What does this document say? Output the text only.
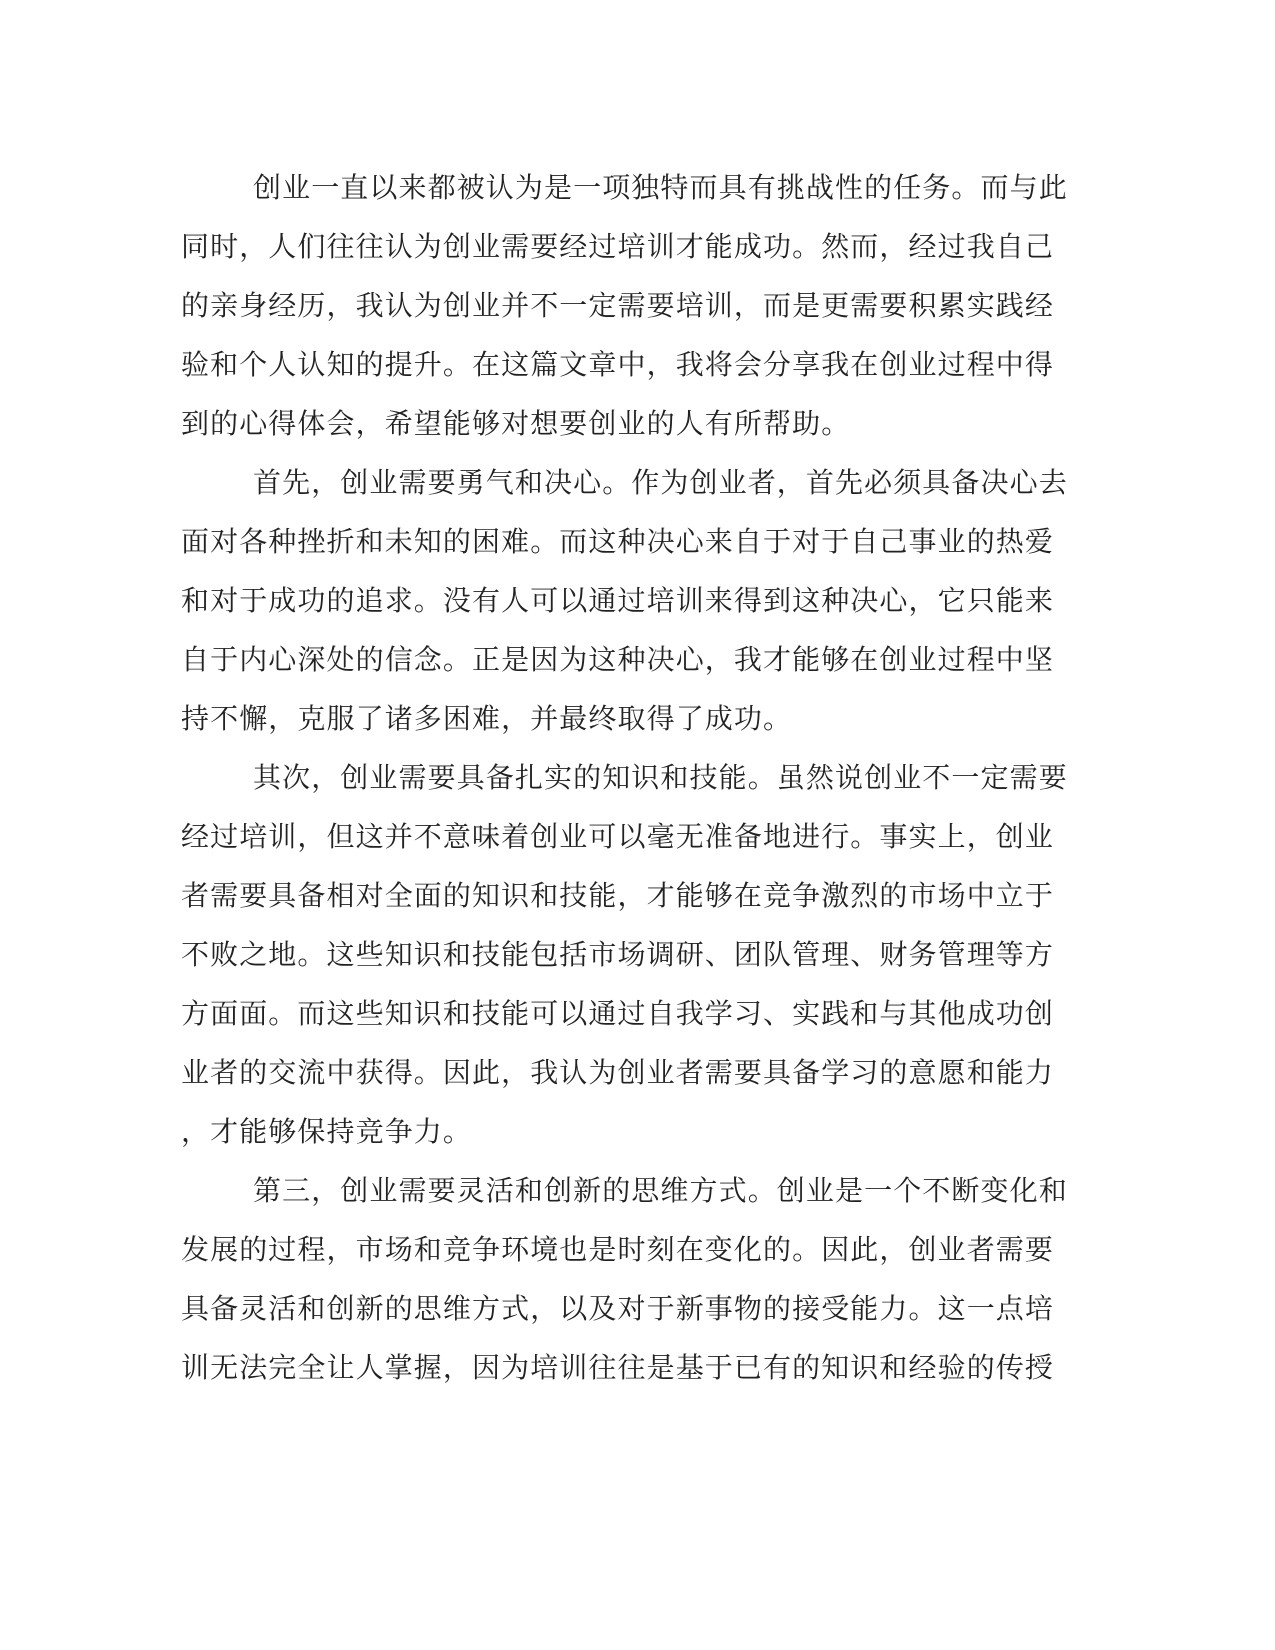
创业一直以来都被认为是一项独特而具有挑战性的任务。而与此
同时，人们往往认为创业需要经过培训才能成功。然而，经过我自己
的亲身经历，我认为创业并不一定需要培训，而是更需要积累实践经
验和个人认知的提升。在这篇文章中，我将会分享我在创业过程中得
到的心得体会，希望能够对想要创业的人有所帮助。
首先，创业需要勇气和决心。作为创业者，首先必须具备决心去
面对各种挫折和未知的困难。而这种决心来自于对于自己事业的热爱
和对于成功的追求。没有人可以通过培训来得到这种决心，它只能来
自于内心深处的信念。正是因为这种决心，我才能够在创业过程中坚
持不懈，克服了诸多困难，并最终取得了成功。
其次，创业需要具备扎实的知识和技能。虽然说创业不一定需要
经过培训，但这并不意味着创业可以毫无准备地进行。事实上，创业
者需要具备相对全面的知识和技能，才能够在竞争激烈的市场中立于
不败之地。这些知识和技能包括市场调研、团队管理、财务管理等方
方面面。而这些知识和技能可以通过自我学习、实践和与其他成功创
业者的交流中获得。因此，我认为创业者需要具备学习的意愿和能力
，才能够保持竞争力。
第三，创业需要灵活和创新的思维方式。创业是一个不断变化和
发展的过程，市场和竞争环境也是时刻在变化的。因此，创业者需要
具备灵活和创新的思维方式，以及对于新事物的接受能力。这一点培
训无法完全让人掌握，因为培训往往是基于已有的知识和经验的传授
